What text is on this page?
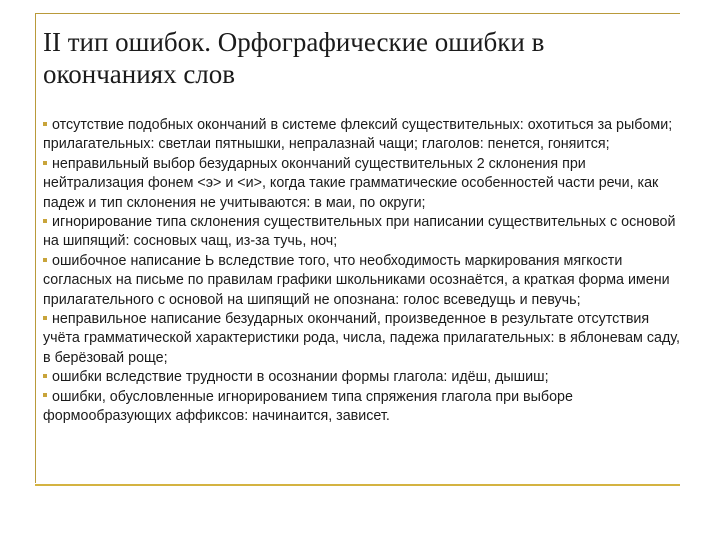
II тип ошибок. Орфографические ошибки в окончаниях слов

отсутствие подобных окончаний в системе флексий существительных: охотиться за рыбоми; прилагательных: светлаи пятнышки, непралазнай чащи; глаголов: пенется, гоняится;

неправильный выбор безударных окончаний существительных 2 склонения при нейтрализация фонем <э> и <и>, когда такие грамматические особенностей части речи, как падеж и тип склонения не учитываются: в маи, по округи;

игнорирование типа склонения существительных при написании существительных с основой на шипящий: сосновых чащ, из-за тучь, ноч;

ошибочное написание Ь вследствие того, что необходимость маркирования мягкости согласных на письме по правилам графики школьниками осознаётся, а краткая форма имени прилагательного с основой на шипящий не опознана: голос всеведущь и певучь;

неправильное написание безударных окончаний, произведенное в результате отсутствия учёта грамматической характеристики рода, числа, падежа прилагательных: в яблоневам саду, в берёзовай роще;

ошибки вследствие трудности в осознании формы глагола: идёш, дышиш;

ошибки, обусловленные игнорированием типа спряжения глагола при выборе формообразующих аффиксов: начинаится, зависет.
